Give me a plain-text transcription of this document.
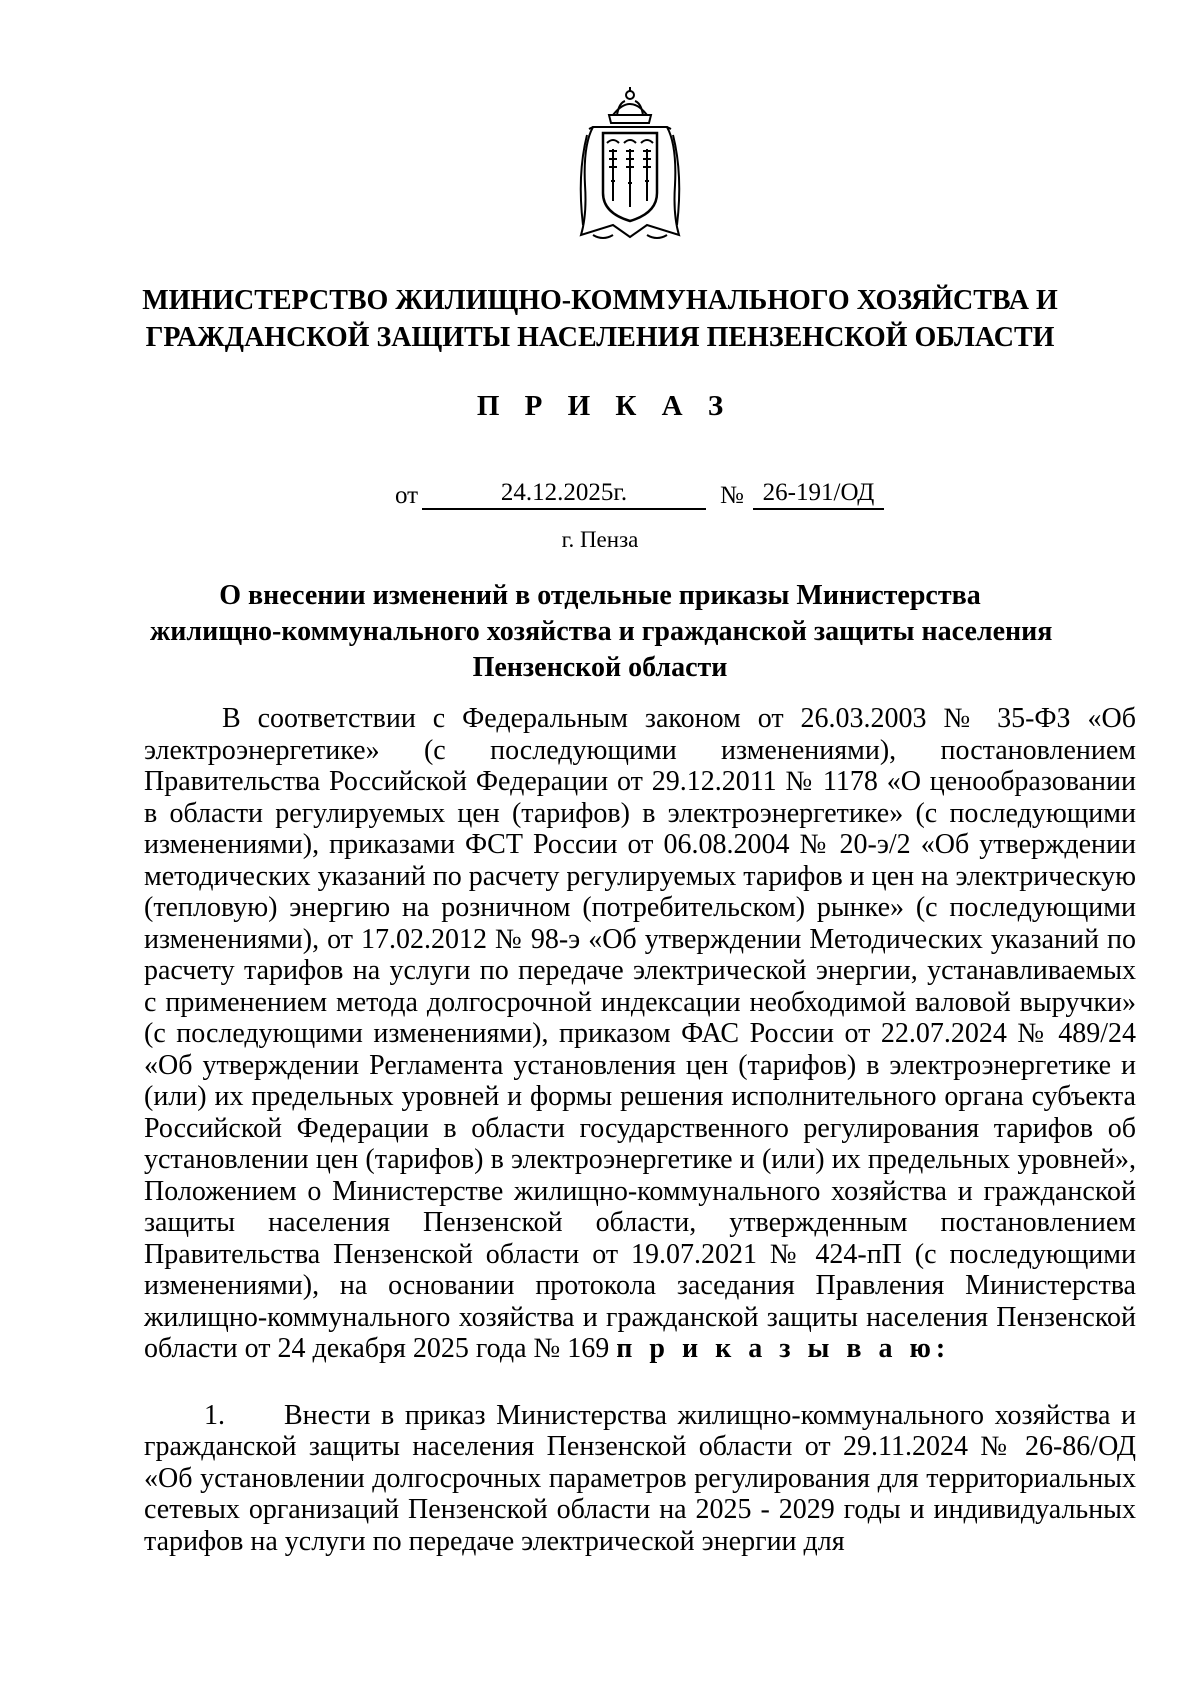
МИНИСТЕРСТВО ЖИЛИЩНО-КОММУНАЛЬНОГО ХОЗЯЙСТВА И
ГРАЖДАНСКОЙ ЗАЩИТЫ НАСЕЛЕНИЯ ПЕНЗЕНСКОЙ ОБЛАСТИ
П Р И К А З
от	24.12.2025г.	№ 26-191/ОД
г. Пенза
О внесении изменений в отдельные приказы Министерства
жилищно-коммунального хозяйства и гражданской защиты населения
Пензенской области

В соответствии с Федеральным законом от 26.03.2003 № 35-ФЗ «Об электроэнергетике» (с последующими изменениями), постановлением Правительства Российской Федерации от 29.12.2011 № 1178 «О ценообразовании в области регулируемых цен (тарифов) в электроэнергетике» (с последующими изменениями), приказами ФСТ России от 06.08.2004 № 20-э/2 «Об утверждении методических указаний по расчету регулируемых тарифов и цен на электрическую (тепловую) энергию на розничном (потребительском) рынке» (с последующими изменениями), от 17.02.2012 № 98-э «Об утверждении Методических указаний по расчету тарифов на услуги по передаче электрической энергии, устанавливаемых с применением метода долгосрочной индексации необходимой валовой выручки» (с последующими изменениями), приказом ФАС России от 22.07.2024 № 489/24 «Об утверждении Регламента установления цен (тарифов) в электроэнергетике и (или) их предельных уровней и формы решения исполнительного органа субъекта Российской Федерации в области государственного регулирования тарифов об установлении цен (тарифов) в электроэнергетике и (или) их предельных уровней», Положением о Министерстве жилищно-коммунального хозяйства и гражданской защиты населения Пензенской области, утвержденным постановлением Правительства Пензенской области от 19.07.2021 № 424-пП (с последующими изменениями), на основании протокола заседания Правления Министерства жилищно-коммунального хозяйства и гражданской защиты населения Пензенской области от 24 декабря 2025 года № 169 п р и к а з ы в а ю:

1. Внести в приказ Министерства жилищно-коммунального хозяйства и гражданской защиты населения Пензенской области от 29.11.2024 № 26-86/ОД «Об установлении долгосрочных параметров регулирования для территориальных сетевых организаций Пензенской области на 2025 - 2029 годы и индивидуальных тарифов на услуги по передаче электрической энергии для
